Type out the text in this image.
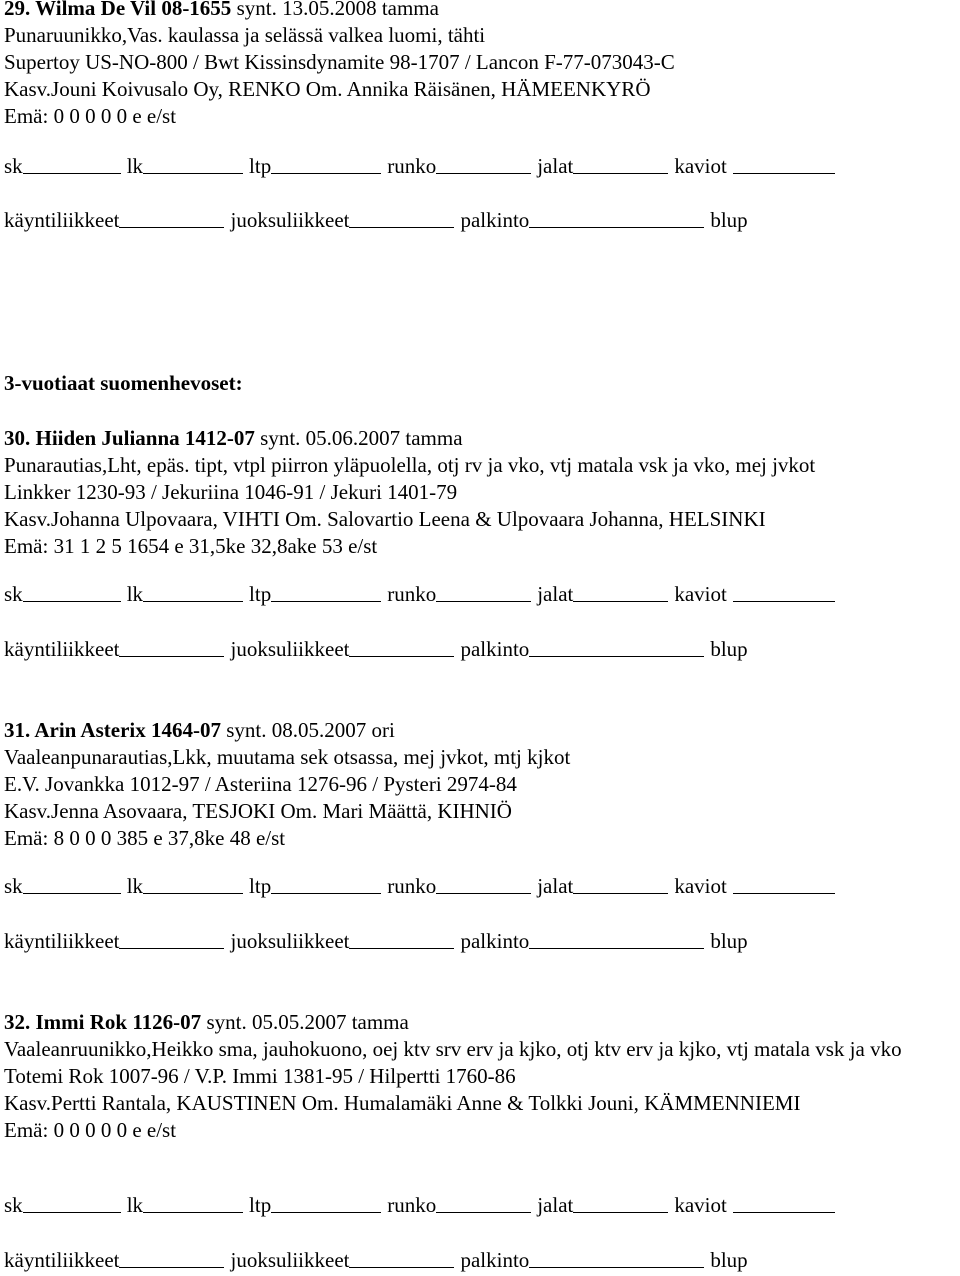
29. Wilma De Vil 08-1655 synt. 13.05.2008 tamma
Punaruunikko,Vas. kaulassa ja selässä valkea luomi, tähti
Supertoy US-NO-800 / Bwt Kissinsdynamite 98-1707 / Lancon F-77-073043-C
Kasv.Jouni Koivusalo Oy, RENKO Om. Annika Räisänen, HÄMEENKYRÖ
Emä: 0 0 0 0 0 e e/st
sk	lk	ltp	runko	jalat	kaviot
käyntiliikkeet	juoksuliikkeet	palkinto	blup
3-vuotiaat suomenhevoset:
30. Hiiden Julianna 1412-07 synt. 05.06.2007 tamma
Punarautias,Lht, epäs. tipt, vtpl piirron yläpuolella, otj rv ja vko, vtj matala vsk ja vko, mej jvkot
Linkker 1230-93 / Jekuriina 1046-91 / Jekuri 1401-79
Kasv.Johanna Ulpovaara, VIHTI Om. Salovartio Leena & Ulpovaara Johanna, HELSINKI
Emä: 31 1 2 5 1654 e 31,5ke 32,8ake 53 e/st
sk	lk	ltp	runko	jalat	kaviot
käyntiliikkeet	juoksuliikkeet	palkinto	blup
31. Arin Asterix 1464-07 synt. 08.05.2007 ori
Vaaleanpunarautias,Lkk, muutama sek otsassa, mej jvkot, mtj kjkot
E.V. Jovankka 1012-97 / Asteriina 1276-96 / Pysteri 2974-84
Kasv.Jenna Asovaara, TESJOKI Om. Mari Määttä, KIHNIÖ
Emä: 8 0 0 0 385 e 37,8ke 48 e/st
sk	lk	ltp	runko	jalat	kaviot
käyntiliikkeet	juoksuliikkeet	palkinto	blup
32. Immi Rok 1126-07 synt. 05.05.2007 tamma
Vaaleanruunikko,Heikko sma, jauhokuono, oej ktv srv erv ja kjko, otj ktv erv ja kjko, vtj matala vsk ja vko
Totemi Rok 1007-96 / V.P. Immi 1381-95 / Hilpertti 1760-86
Kasv.Pertti Rantala, KAUSTINEN Om. Humalamäki Anne & Tolkki Jouni, KÄMMENNIEMI
Emä: 0 0 0 0 0 e e/st
sk	lk	ltp	runko	jalat	kaviot
käyntiliikkeet	juoksuliikkeet	palkinto	blup
